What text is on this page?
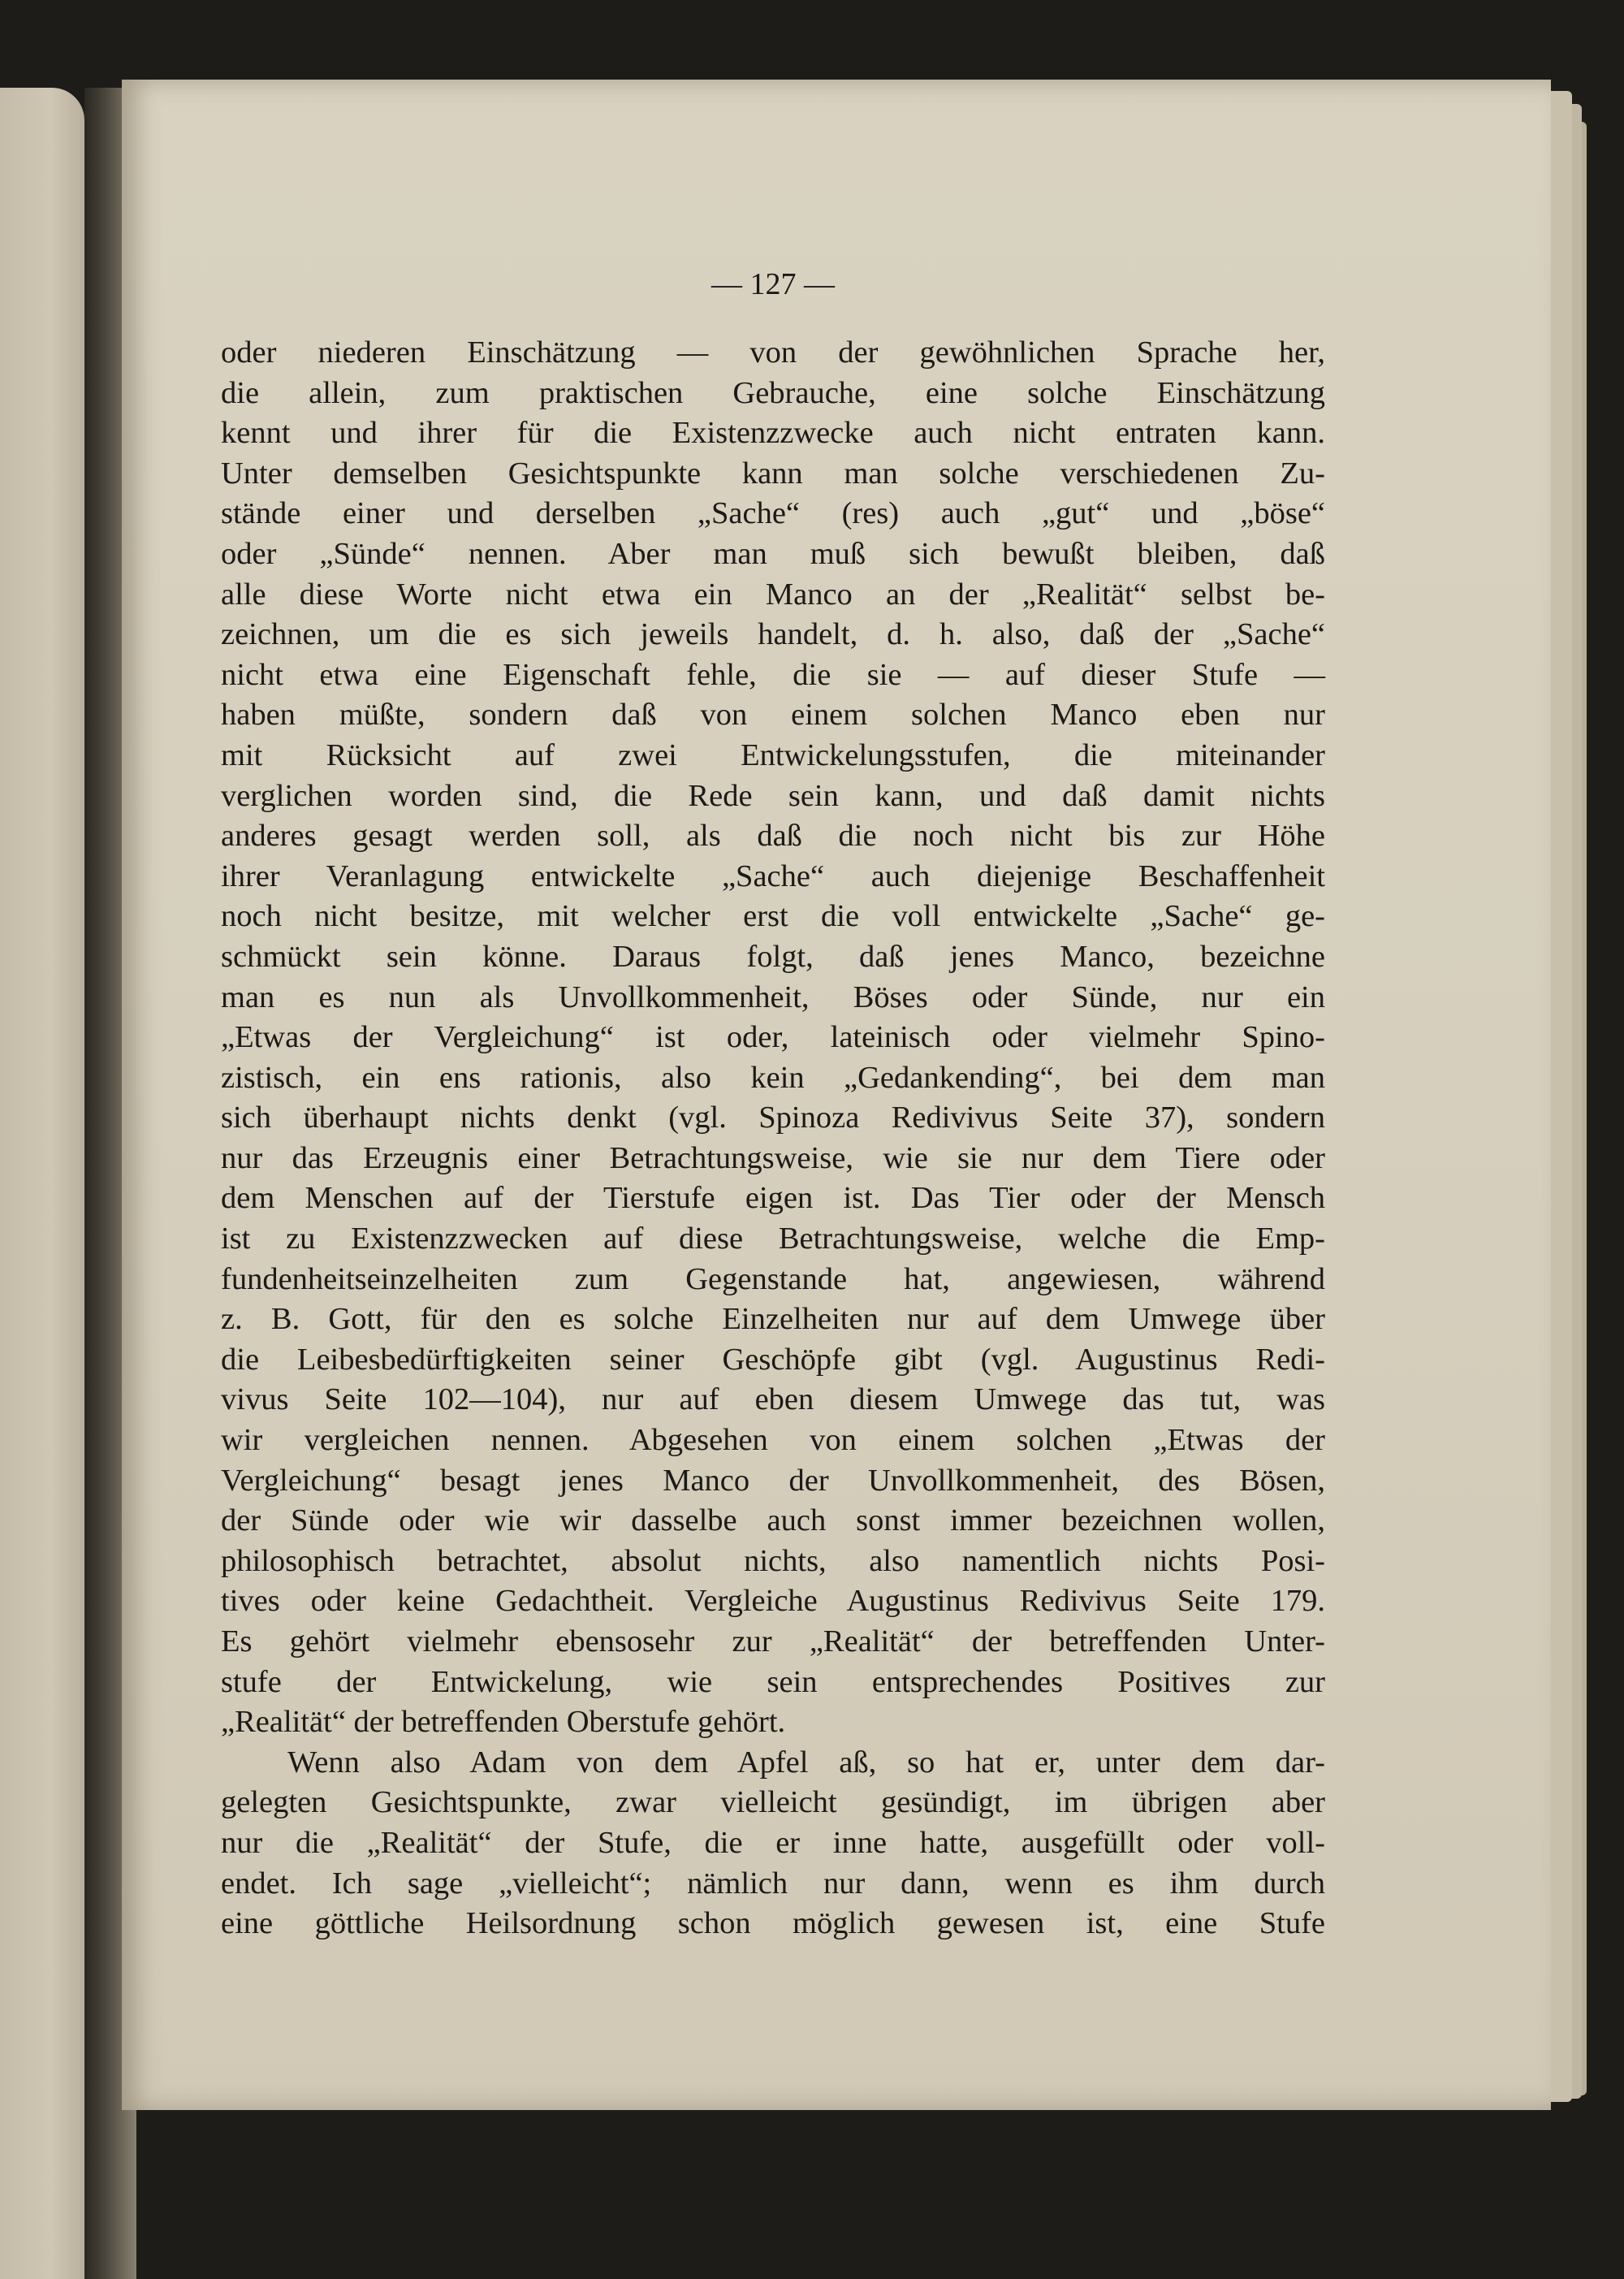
— 127 —
oder niederen Einschätzung — von der gewöhnlichen Sprache her,
die allein, zum praktischen Gebrauche, eine solche Einschätzung
kennt und ihrer für die Existenzzwecke auch nicht entraten kann.
Unter demselben Gesichtspunkte kann man solche verschiedenen Zu-
stände einer und derselben „Sache“ (res) auch „gut“ und „böse“
oder „Sünde“ nennen. Aber man muß sich bewußt bleiben, daß
alle diese Worte nicht etwa ein Manco an der „Realität“ selbst be-
zeichnen, um die es sich jeweils handelt, d. h. also, daß der „Sache“
nicht etwa eine Eigenschaft fehle, die sie — auf dieser Stufe —
haben müßte, sondern daß von einem solchen Manco eben nur
mit Rücksicht auf zwei Entwickelungsstufen, die miteinander
verglichen worden sind, die Rede sein kann, und daß damit nichts
anderes gesagt werden soll, als daß die noch nicht bis zur Höhe
ihrer Veranlagung entwickelte „Sache“ auch diejenige Beschaffenheit
noch nicht besitze, mit welcher erst die voll entwickelte „Sache“ ge-
schmückt sein könne. Daraus folgt, daß jenes Manco, bezeichne
man es nun als Unvollkommenheit, Böses oder Sünde, nur ein
„Etwas der Vergleichung“ ist oder, lateinisch oder vielmehr Spino-
zistisch, ein ens rationis, also kein „Gedankending“, bei dem man
sich überhaupt nichts denkt (vgl. Spinoza Redivivus Seite 37), sondern
nur das Erzeugnis einer Betrachtungsweise, wie sie nur dem Tiere oder
dem Menschen auf der Tierstufe eigen ist. Das Tier oder der Mensch
ist zu Existenzzwecken auf diese Betrachtungsweise, welche die Emp-
fundenheitseinzelheiten zum Gegenstande hat, angewiesen, während
z. B. Gott, für den es solche Einzelheiten nur auf dem Umwege über
die Leibesbedürftigkeiten seiner Geschöpfe gibt (vgl. Augustinus Redi-
vivus Seite 102—104), nur auf eben diesem Umwege das tut, was
wir vergleichen nennen. Abgesehen von einem solchen „Etwas der
Vergleichung“ besagt jenes Manco der Unvollkommenheit, des Bösen,
der Sünde oder wie wir dasselbe auch sonst immer bezeichnen wollen,
philosophisch betrachtet, absolut nichts, also namentlich nichts Posi-
tives oder keine Gedachtheit. Vergleiche Augustinus Redivivus Seite 179.
Es gehört vielmehr ebensosehr zur „Realität“ der betreffenden Unter-
stufe der Entwickelung, wie sein entsprechendes Positives zur
„Realität“ der betreffenden Oberstufe gehört.
Wenn also Adam von dem Apfel aß, so hat er, unter dem dar-
gelegten Gesichtspunkte, zwar vielleicht gesündigt, im übrigen aber
nur die „Realität“ der Stufe, die er inne hatte, ausgefüllt oder voll-
endet. Ich sage „vielleicht“; nämlich nur dann, wenn es ihm durch
eine göttliche Heilsordnung schon möglich gewesen ist, eine Stufe
